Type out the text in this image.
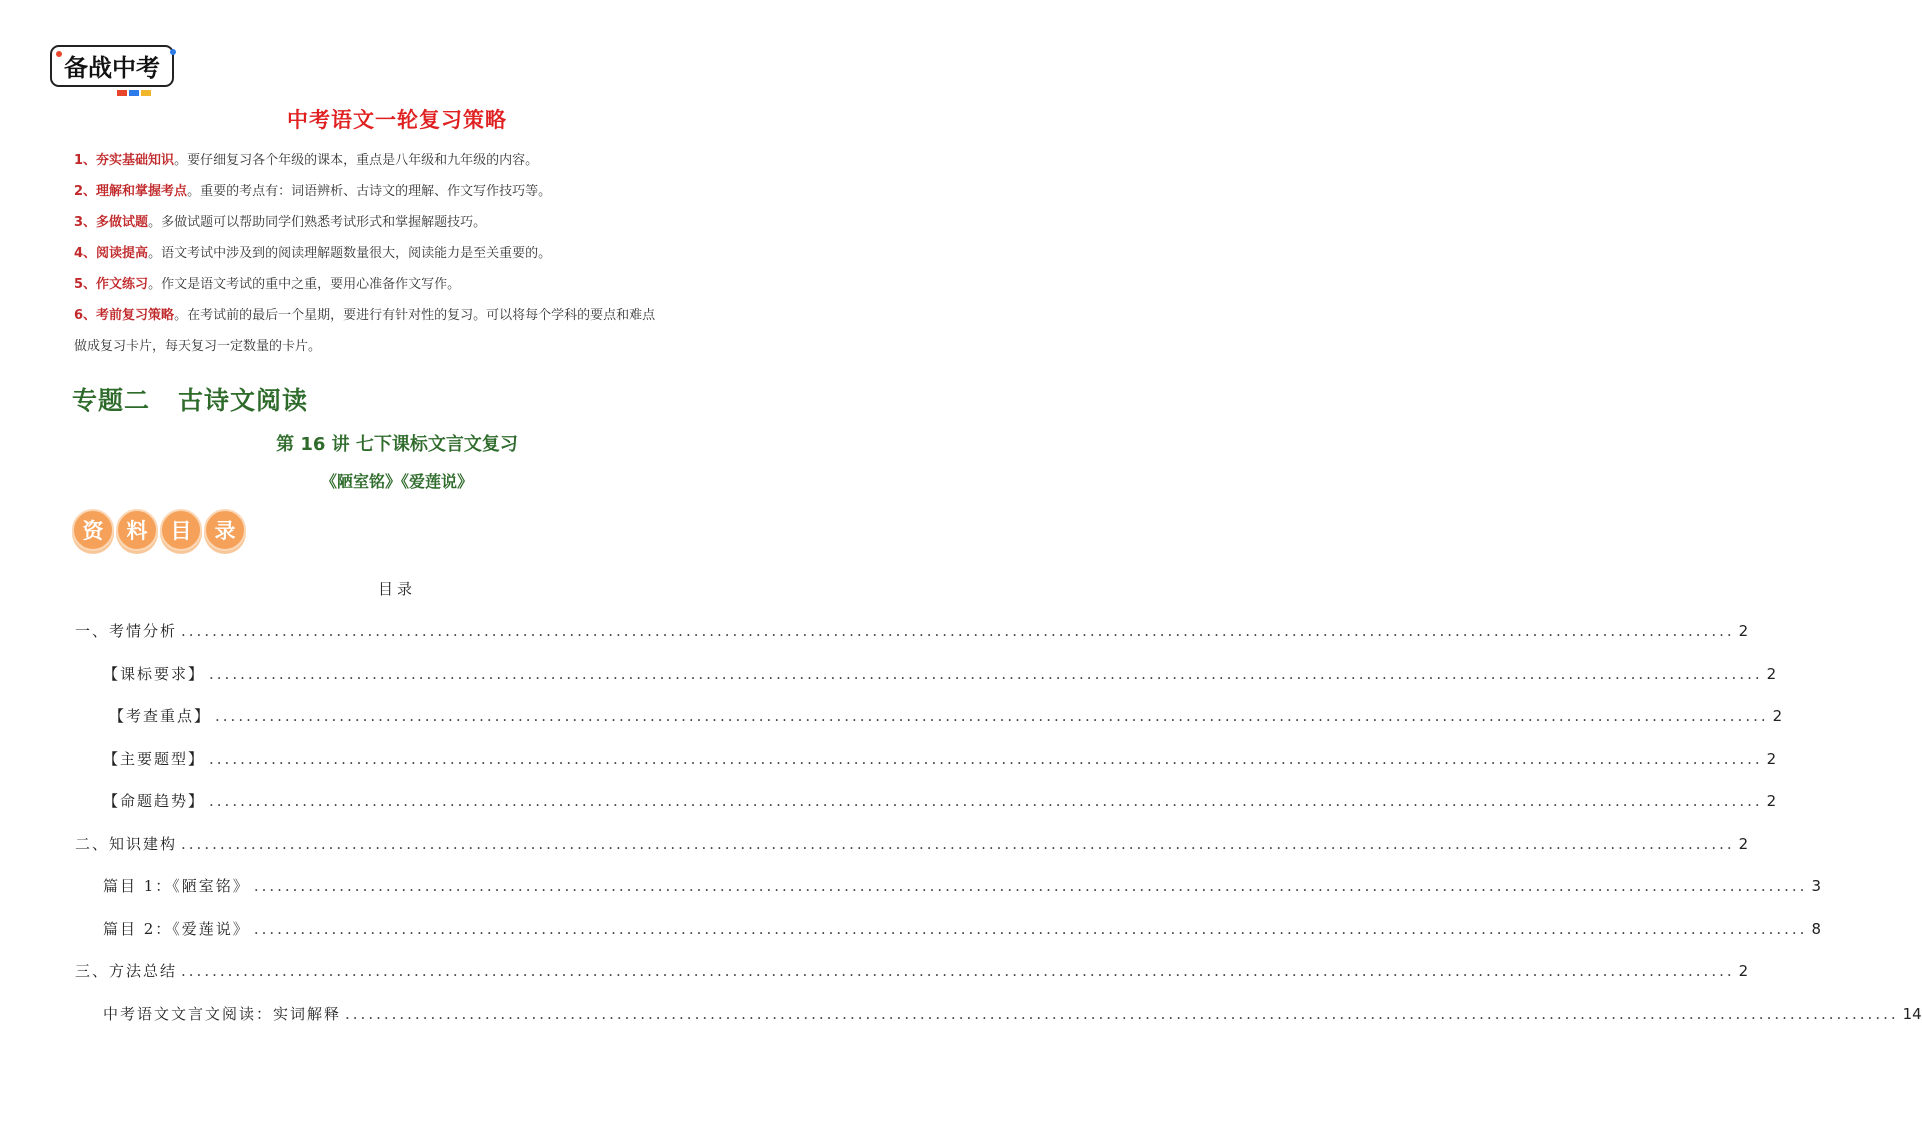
备战中考
中考语文一轮复习策略
1、夯实基础知识。要仔细复习各个年级的课本，重点是八年级和九年级的内容。
2、理解和掌握考点。重要的考点有：词语辨析、古诗文的理解、作文写作技巧等。
3、多做试题。多做试题可以帮助同学们熟悉考试形式和掌握解题技巧。
4、阅读提高。语文考试中涉及到的阅读理解题数量很大，阅读能力是至关重要的。
5、作文练习。作文是语文考试的重中之重，要用心准备作文写作。
6、考前复习策略。在考试前的最后一个星期，要进行有针对性的复习。可以将每个学科的要点和难点
做成复习卡片，每天复习一定数量的卡片。
专题二 古诗文阅读
第 16 讲 七下课标文言文复习
《陋室铭》《爱莲说》
资	料	目	录
目录
一、考情分析 ........................................................................................................................................................................................................ 2
【课标要求】 ........................................................................................................................................................................................................ 2
【考查重点】 ........................................................................................................................................................................................................ 2
【主要题型】 ........................................................................................................................................................................................................ 2
【命题趋势】 ........................................................................................................................................................................................................ 2
二、知识建构 ........................................................................................................................................................................................................ 2
篇目 1：《陋室铭》 ........................................................................................................................................................................................................ 3
篇目 2：《爱莲说》 ........................................................................................................................................................................................................ 8
三、方法总结 ........................................................................................................................................................................................................ 2
中考语文文言文阅读：实词解释 ........................................................................................................................................................................................................ 14
